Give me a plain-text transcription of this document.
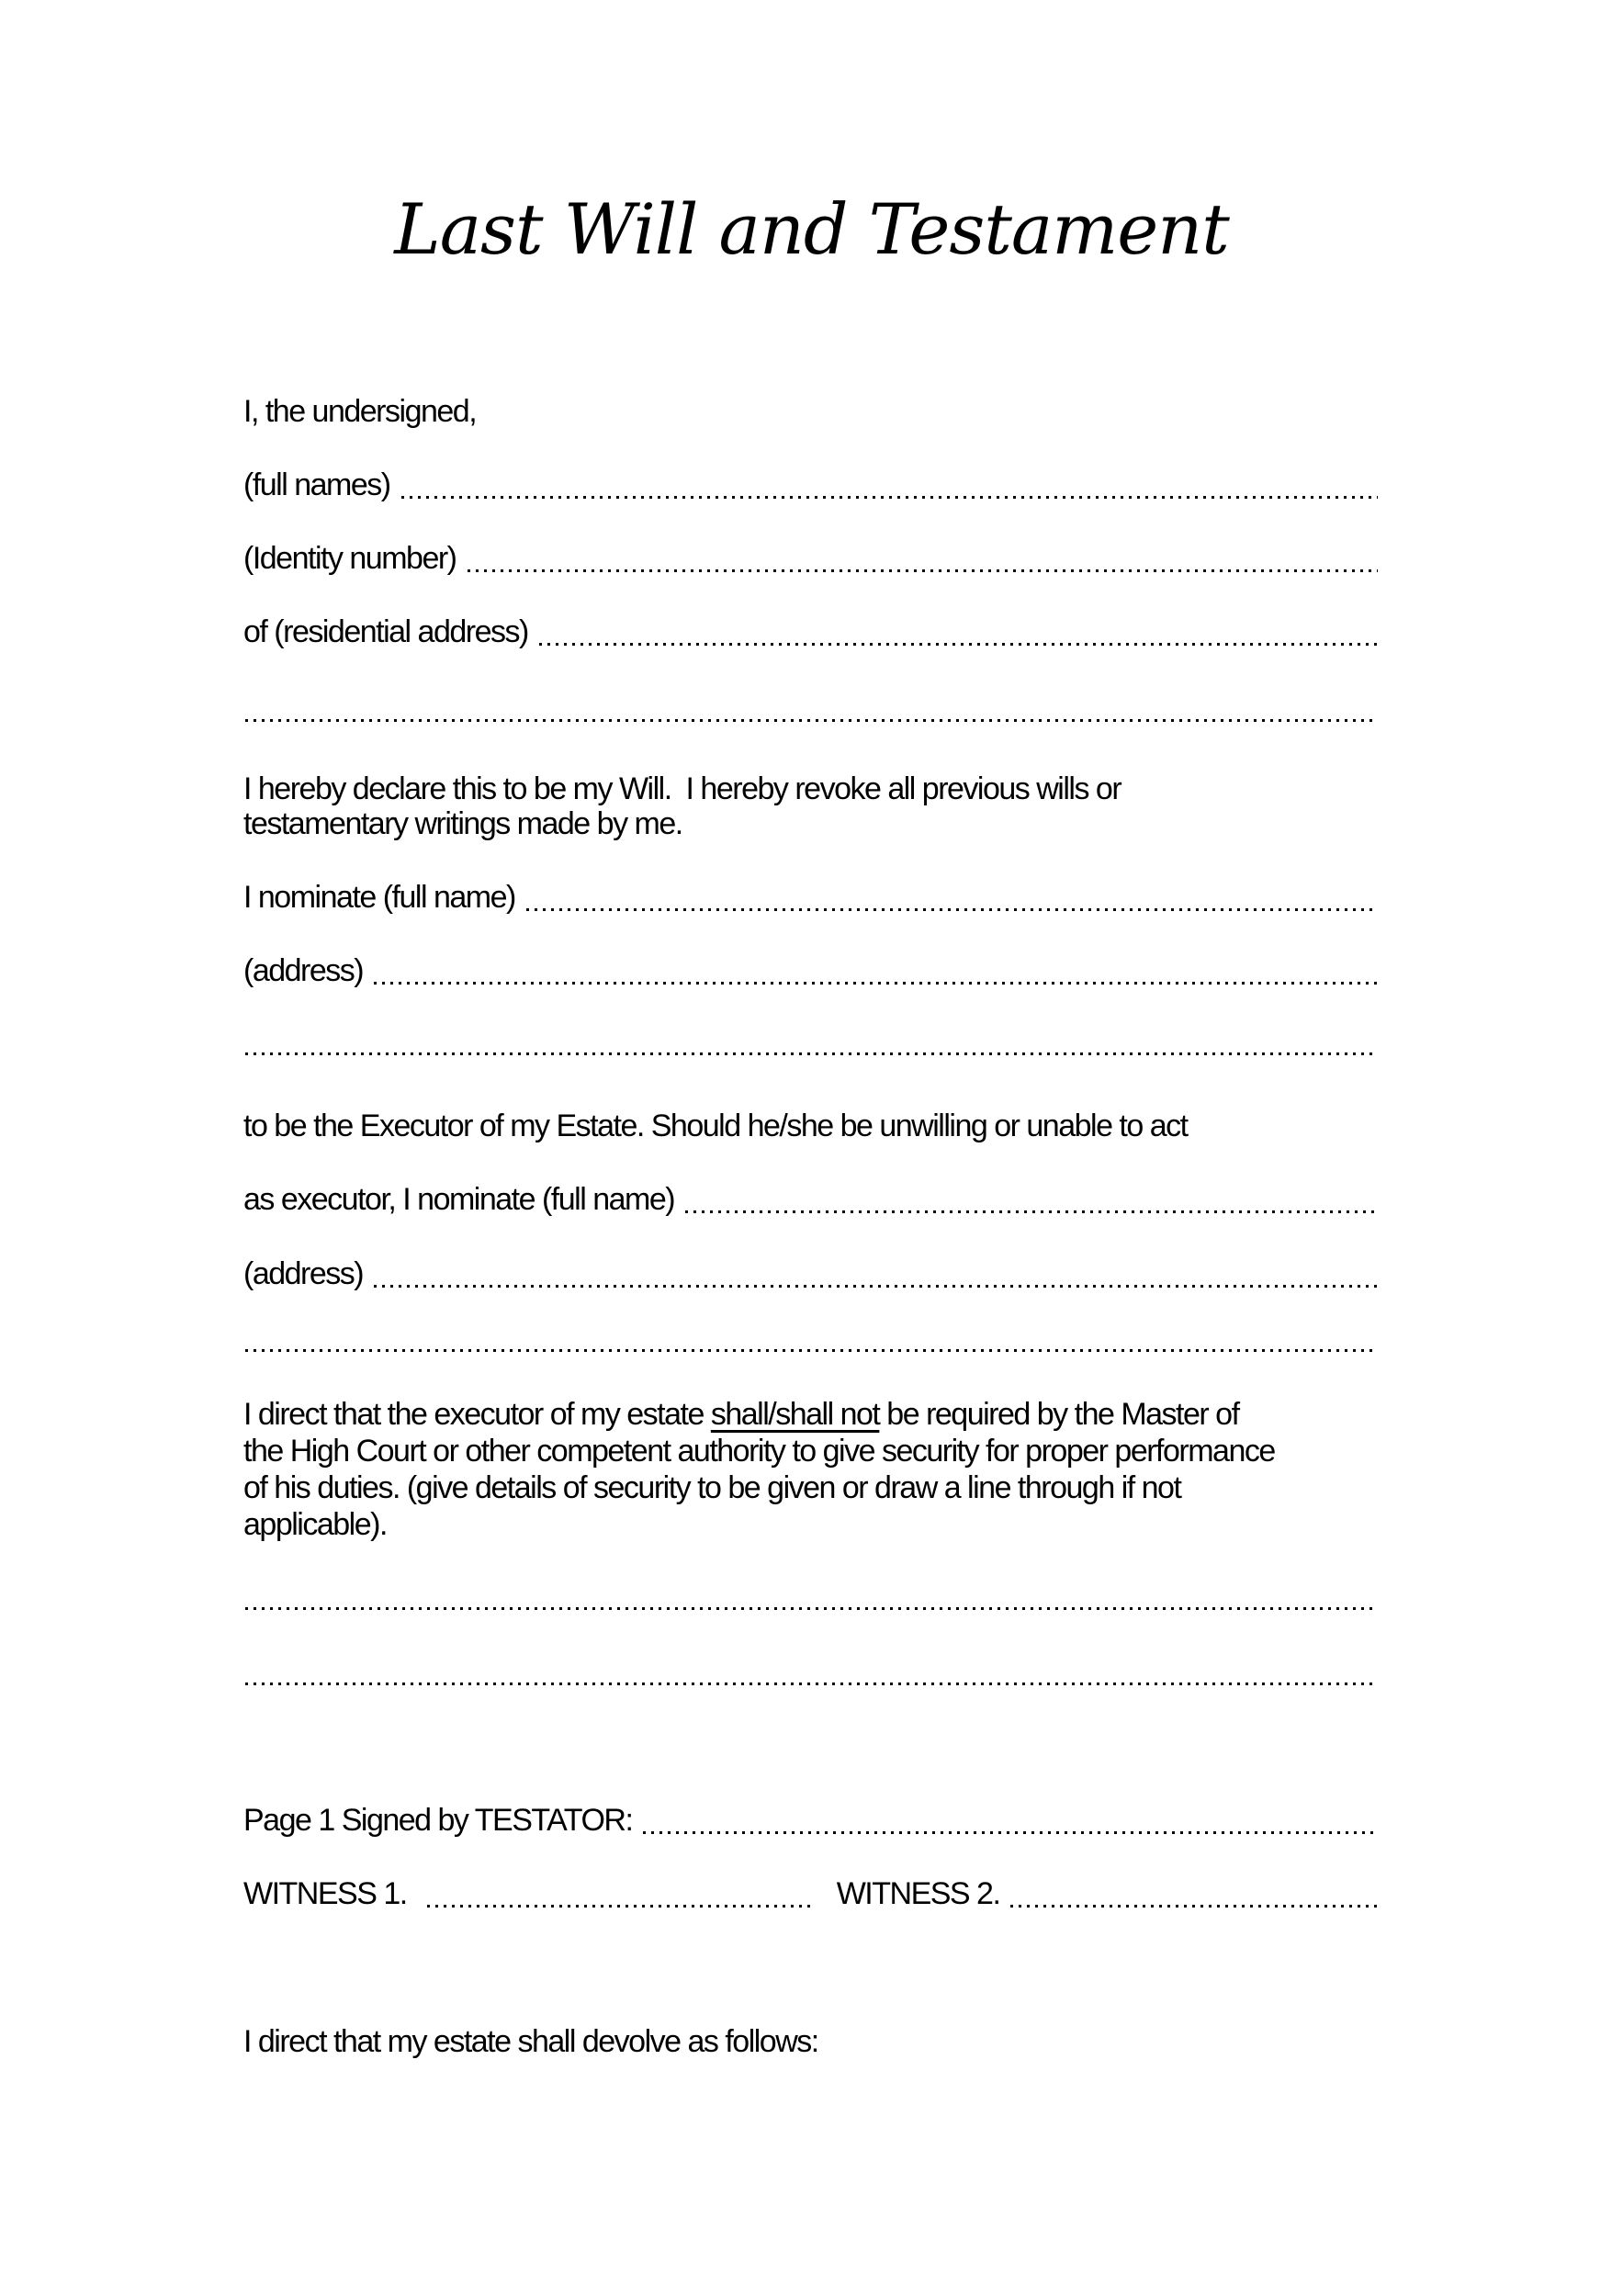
Last Will and Testament
I, the undersigned,
(full names)
(Identity number)
of (residential address)
I hereby declare this to be my Will.  I hereby revoke all previous wills or
testamentary writings made by me.
I nominate (full name)
(address)
to be the Executor of my Estate. Should he/she be unwilling or unable to act
as executor, I nominate (full name)
(address)
I direct that the executor of my estate shall/shall not be required by the Master of
the High Court or other competent authority to give security for proper performance
of his duties. (give details of security to be given or draw a line through if not
applicable).
Page 1 Signed by TESTATOR:
WITNESS 1.	WITNESS 2.
I direct that my estate shall devolve as follows:
